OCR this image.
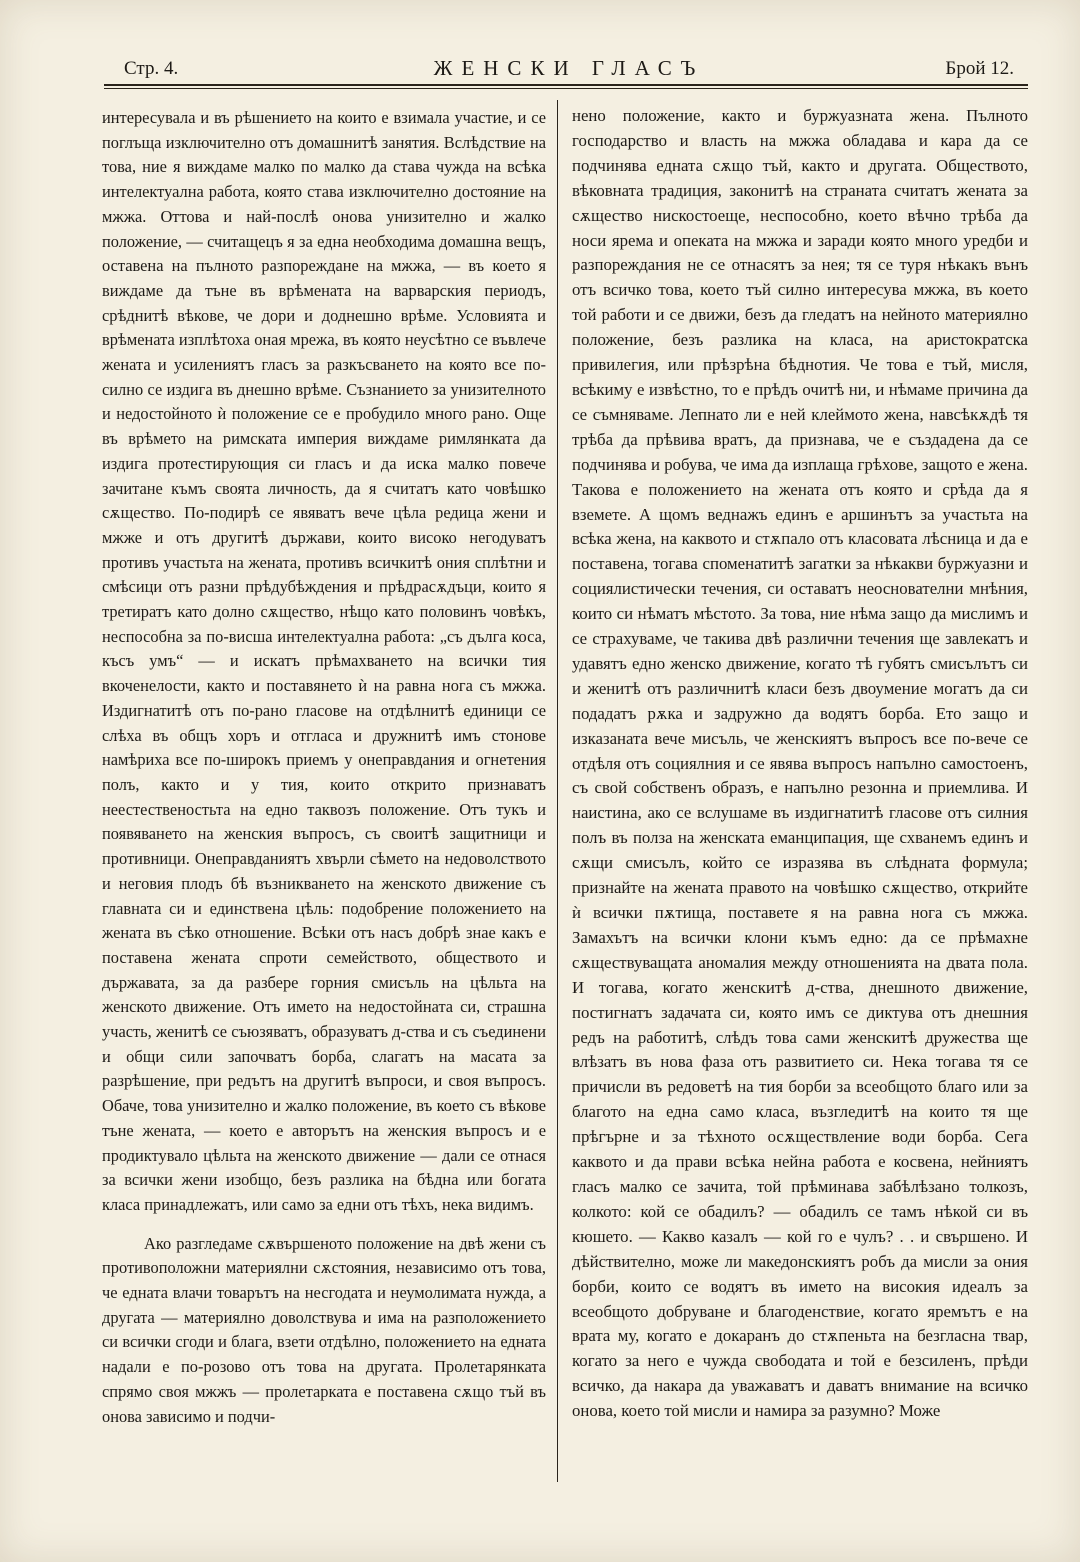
Стр. 4.	ЖЕНСКИ ГЛАСЪ	Брой 12.

интересувала и въ рѣшението на които е взимала участие, и се поглъща изключително отъ домашнитѣ занятия. Вслѣдствие на това, ние я виждаме малко по малко да става чужда на всѣка интелектуална работа, която става изключително достояние на мжжа. Оттова и най-послѣ онова унизително и жалко положение, — считащецъ я за една необходима домашна вещъ, оставена на пълното разпореждане на мжжа, — въ което я виждаме да тъне въ врѣмената на варварския периодъ, срѣднитѣ вѣкове, че дори и доднешно врѣме. Условията и врѣмената изплѣтоха оная мрежа, въ която неусѣтно се въвлече жената и усилениятъ гласъ за разкъсването на която все по-силно се издига въ днешно врѣме. Съзнанието за унизителното и недостойното ѝ положение се е пробудило много рано. Още въ врѣмето на римската империя виждаме римлянката да издига протестирующия си гласъ и да иска малко повече зачитане къмъ своята личность, да я считатъ като човѣшко сѫщество. По-подирѣ се явяватъ вече цѣла редица жени и мжже и отъ другитѣ държави, които високо негодуватъ противъ участьта на жената, противъ всичкитѣ ония сплѣтни и смѣсици отъ разни прѣдубѣждения и прѣдрасѫдъци, които я третиратъ като долно сѫщество, нѣщо като половинъ човѣкъ, неспособна за по-висша интелектуална работа: „съ дълга коса, късъ умъ“ — и искатъ прѣмахването на всички тия вкоченелости, както и поставянето ѝ на равна нога съ мжжа. Издигнатитѣ отъ по-рано гласове на отдѣлнитѣ единици се слѣха въ общъ хоръ и отгласа и дружнитѣ имъ стонове намѣриха все по-широкъ приемъ у онеправдания и огнетения полъ, както и у тия, които открито признаватъ неестественостьта на едно таквозъ положение. Отъ тукъ и появяването на женския въпросъ, съ своитѣ защитници и противници. Онеправданиятъ хвърли сѣмето на недоволството и неговия плодъ бѣ възникването на женското движение съ главната си и единствена цѣль: подобрение положението на жената въ сѣко отношение. Всѣки отъ насъ добрѣ знае какъ е поставена жената спроти семейството, обществото и държавата, за да разбере горния смисъль на цѣльта на женското движение. Отъ името на недостойната си, страшна участь, женитѣ се съюзяватъ, образуватъ д-ства и съ съединени и общи сили започватъ борба, слагатъ на масата за разрѣшение, при редътъ на другитѣ въпроси, и своя въпросъ. Обаче, това унизително и жалко положение, въ което съ вѣкове тъне жената, — което е авторътъ на женския въпросъ и е продиктувало цѣльта на женското движение — дали се отнася за всички жени изобщо, безъ разлика на бѣдна или богата класа принадлежатъ, или само за едни отъ тѣхъ, нека видимъ.

Ако разгледаме сѫвършеното положение на двѣ жени съ противоположни материялни сѫстояния, независимо отъ това, че едната влачи товарътъ на несгодата и неумолимата нужда, а другата — материялно доволствува и има на разположението си всички сгоди и блага, взети отдѣлно, положението на едната надали е по-розово отъ това на другата. Пролетарянката спрямо своя мжжъ — пролетарката е поставена сѫщо тъй въ онова зависимо и подчи-

нено положение, както и буржуазната жена. Пълното господарство и власть на мжжа обладава и кара да се подчинява едната сѫщо тъй, както и другата. Обществото, вѣковната традиция, законитѣ на страната считатъ жената за сѫщество нискостоеще, неспособно, което вѣчно трѣба да носи ярема и опеката на мжжа и заради която много уредби и разпореждания не се отнасятъ за нея; тя се туря нѣкакъ вънъ отъ всичко това, което тъй силно интересува мжжа, въ което той работи и се движи, безъ да гледатъ на нейното материялно положение, безъ разлика на класа, на аристократска привилегия, или прѣзрѣна бѣднотия. Че това е тъй, мисля, всѣкиму е извѣстно, то е прѣдъ очитѣ ни, и нѣмаме причина да се съмняваме. Лепнато ли е ней клеймото жена, навсѣкѫдѣ тя трѣба да прѣвива вратъ, да признава, че е създадена да се подчинява и робува, че има да изплаща грѣхове, защото е жена. Такова е положението на жената отъ която и срѣда да я вземете. А щомъ веднажъ единъ е аршинътъ за участьта на всѣка жена, на каквото и стѫпало отъ класовата лѣсница и да е поставена, тогава споменатитѣ загатки за нѣкакви буржуазни и социялистически течения, си оставатъ неоснователни мнѣния, които си нѣматъ мѣстото. За това, ние нѣма защо да мислимъ и се страхуваме, че такива двѣ различни течения ще завлекатъ и удавятъ едно женско движение, когато тѣ губятъ смисълътъ си и женитѣ отъ различнитѣ класи безъ двоумение могатъ да си подадатъ рѫка и задружно да водятъ борба. Ето защо и изказаната вече мисъль, че женскиятъ въпросъ все по-вече се отдѣля отъ социялния и се явява въпросъ напълно самостоенъ, съ свой собственъ образъ, е напълно резонна и приемлива. И наистина, ако се вслушаме въ издигнатитѣ гласове отъ силния полъ въ полза на женската еманципация, ще схванемъ единъ и сѫщи смисълъ, който се изразява въ слѣдната формула; признайте на жената правото на човѣшко сѫщество, открийте ѝ всички пѫтища, поставете я на равна нога съ мжжа. Замахътъ на всички клони къмъ едно: да се прѣмахне сѫществуващата аномалия между отношенията на двата пола. И тогава, когато женскитѣ д-ства, днешното движение, постигнатъ задачата си, която имъ се диктува отъ днешния редъ на работитѣ, слѣдъ това сами женскитѣ дружества ще влѣзатъ въ нова фаза отъ развитието си. Нека тогава тя се причисли въ редоветѣ на тия борби за всеобщото благо или за благото на една само класа, възгледитѣ на които тя ще прѣгърне и за тѣхното осѫществление води борба. Сега каквото и да прави всѣка нейна работа е косвена, нейниятъ гласъ малко се зачита, той прѣминава забѣлѣзано толкозъ, колкото: кой се обадилъ? — обадилъ се тамъ нѣкой си въ кюшето. — Какво казалъ — кой го е чулъ? . . и свършено. И дѣйствително, може ли македонскиятъ робъ да мисли за ония борби, които се водятъ въ името на високия идеалъ за всеобщото добруване и благоденствие, когато яремътъ е на врата му, когато е докаранъ до стѫпеньта на безгласна твар, когато за него е чужда свободата и той е безсиленъ, прѣди всичко, да накара да уважаватъ и даватъ внимание на всичко онова, което той мисли и намира за разумно? Може
